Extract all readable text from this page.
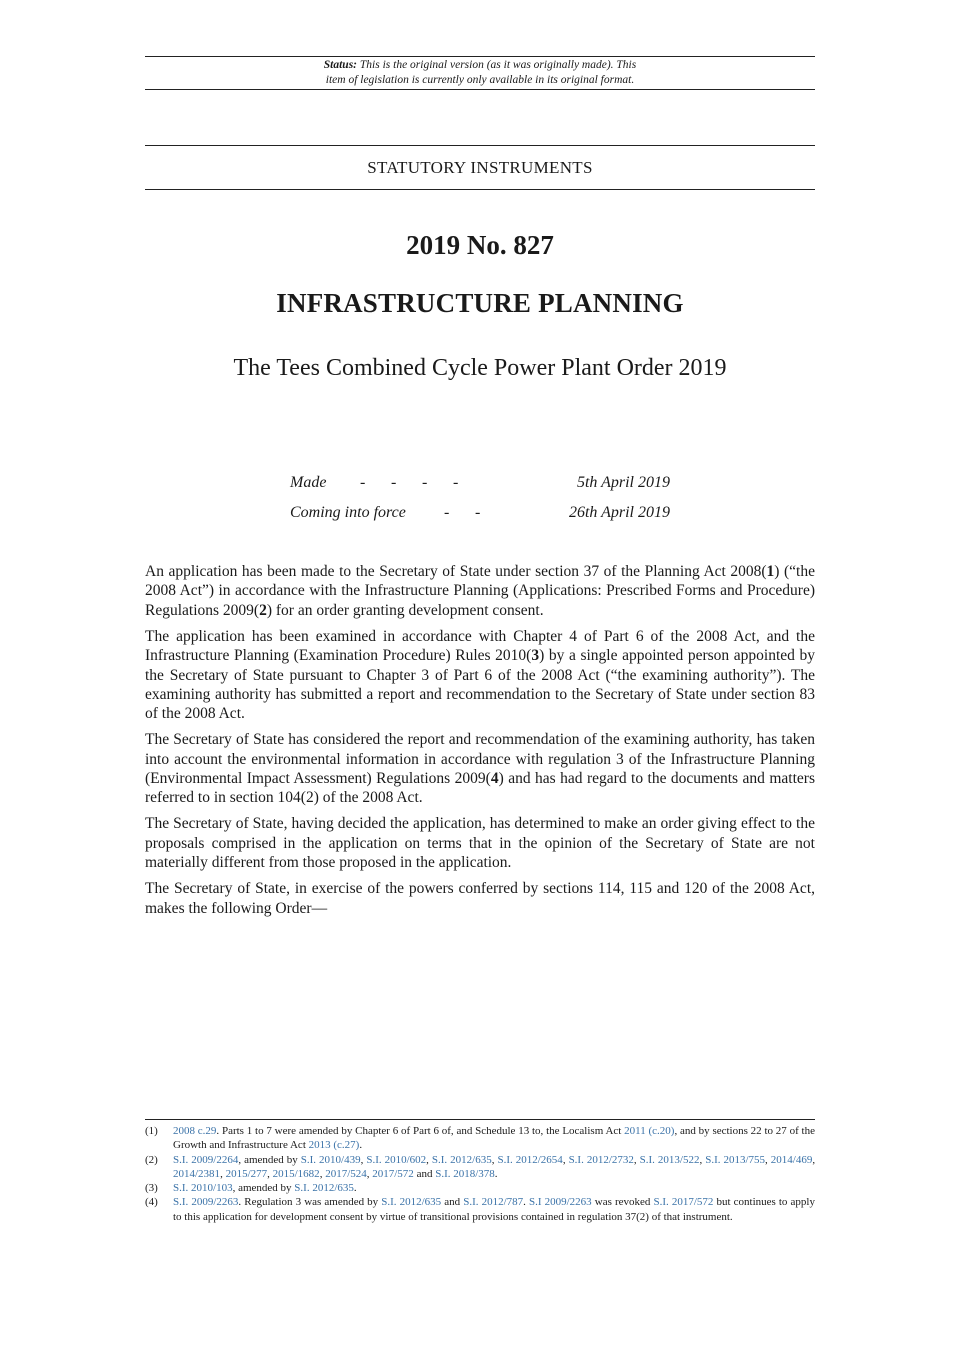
Status: This is the original version (as it was originally made). This
item of legislation is currently only available in its original format.
STATUTORY INSTRUMENTS
2019 No. 827
INFRASTRUCTURE PLANNING
The Tees Combined Cycle Power Plant Order 2019
Made - - - -	5th April 2019
Coming into force - -	26th April 2019

An application has been made to the Secretary of State under section 37 of the Planning Act 2008(1) (“the 2008 Act”) in accordance with the Infrastructure Planning (Applications: Prescribed Forms and Procedure) Regulations 2009(2) for an order granting development consent.

The application has been examined in accordance with Chapter 4 of Part 6 of the 2008 Act, and the Infrastructure Planning (Examination Procedure) Rules 2010(3) by a single appointed person appointed by the Secretary of State pursuant to Chapter 3 of Part 6 of the 2008 Act (“the examining authority”). The examining authority has submitted a report and recommendation to the Secretary of State under section 83 of the 2008 Act.

The Secretary of State has considered the report and recommendation of the examining authority, has taken into account the environmental information in accordance with regulation 3 of the Infrastructure Planning (Environmental Impact Assessment) Regulations 2009(4) and has had regard to the documents and matters referred to in section 104(2) of the 2008 Act.

The Secretary of State, having decided the application, has determined to make an order giving effect to the proposals comprised in the application on terms that in the opinion of the Secretary of State are not materially different from those proposed in the application.

The Secretary of State, in exercise of the powers conferred by sections 114, 115 and 120 of the 2008 Act, makes the following Order—

(1)	2008 c.29. Parts 1 to 7 were amended by Chapter 6 of Part 6 of, and Schedule 13 to, the Localism Act 2011 (c.20), and by sections 22 to 27 of the Growth and Infrastructure Act 2013 (c.27).
(2)	S.I. 2009/2264, amended by S.I. 2010/439, S.I. 2010/602, S.I. 2012/635, S.I. 2012/2654, S.I. 2012/2732, S.I. 2013/522, S.I. 2013/755, 2014/469, 2014/2381, 2015/277, 2015/1682, 2017/524, 2017/572 and S.I. 2018/378.
(3)	S.I. 2010/103, amended by S.I. 2012/635.
(4)	S.I. 2009/2263. Regulation 3 was amended by S.I. 2012/635 and S.I. 2012/787. S.I 2009/2263 was revoked S.I. 2017/572 but continues to apply to this application for development consent by virtue of transitional provisions contained in regulation 37(2) of that instrument.
